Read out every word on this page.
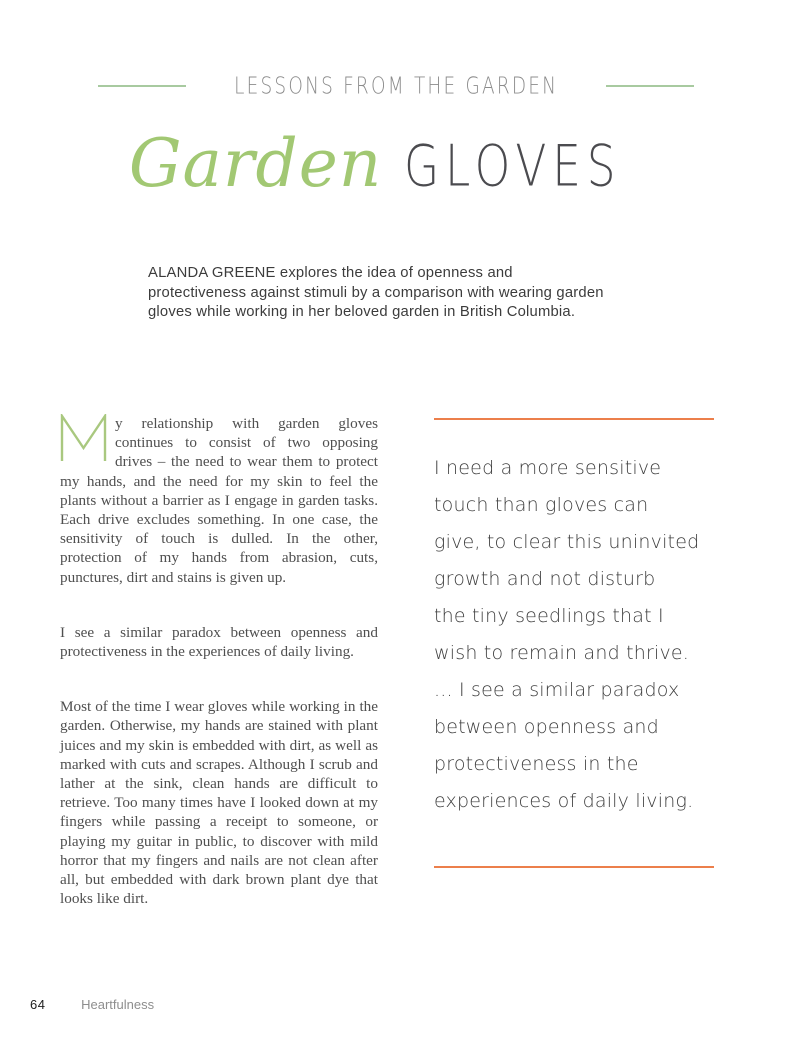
LESSONS FROM THE GARDEN
Garden GLOVES
ALANDA GREENE explores the idea of openness and
protectiveness against stimuli by a comparison with wearing garden
gloves while working in her beloved garden in British Columbia.

y relationship with garden gloves continues to consist of two opposing drives – the need to wear them to protect my hands, and the need for my skin to feel the plants without a barrier as I engage in garden tasks. Each drive excludes something. In one case, the sensitivity of touch is dulled. In the other, protection of my hands from abrasion, cuts, punctures, dirt and stains is given up.

I see a similar paradox between openness and protectiveness in the experiences of daily living.

Most of the time I wear gloves while working in the garden. Otherwise, my hands are stained with plant juices and my skin is embedded with dirt, as well as marked with cuts and scrapes. Although I scrub and lather at the sink, clean hands are difficult to retrieve. Too many times have I looked down at my fingers while passing a receipt to someone, or playing my guitar in public, to discover with mild horror that my fingers and nails are not clean after all, but embedded with dark brown plant dye that looks like dirt.

I need a more sensitive
touch than gloves can
give, to clear this uninvited
growth and not disturb
the tiny seedlings that I
wish to remain and thrive.
... I see a similar paradox
between openness and
protectiveness in the
experiences of daily living.
64	Heartfulness
